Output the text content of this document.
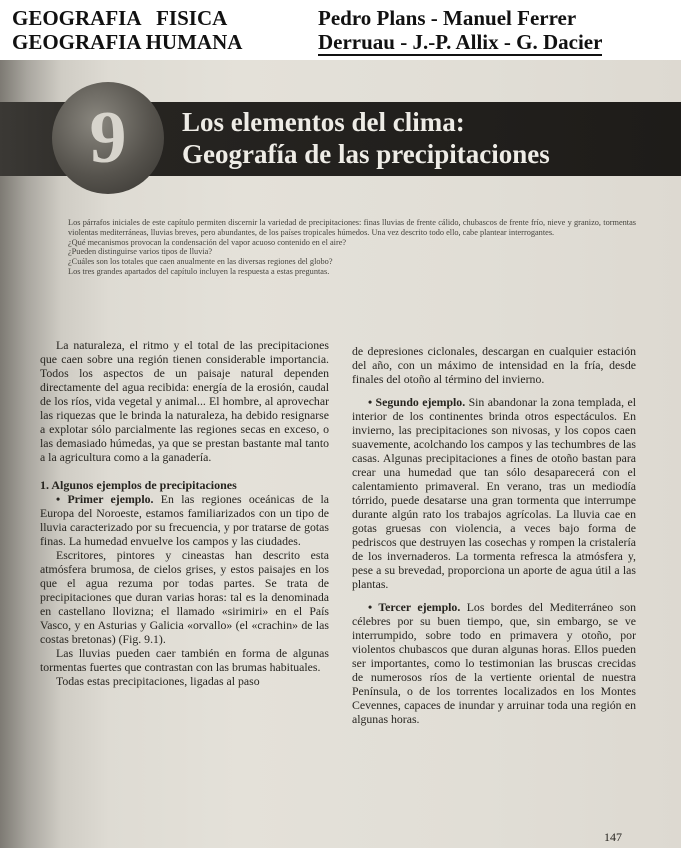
GEOGRAFIA   FISICA
GEOGRAFIA HUMANA
Pedro Plans - Manuel Ferrer
Derruau - J.-P. Allix - G. Dacier
9	Los elementos del clima:
Geografía de las precipitaciones

Los párrafos iniciales de este capítulo permiten discernir la variedad de precipitaciones: finas lluvias de frente cálido, chubascos de frente frío, nieve y granizo, tormentas violentas mediterráneas, lluvias breves, pero abundantes, de los países tropicales húmedos. Una vez descrito todo ello, cabe plantear interrogantes.

¿Qué mecanismos provocan la condensación del vapor acuoso contenido en el aire?

¿Pueden distinguirse varios tipos de lluvia?

¿Cuáles son los totales que caen anualmente en las diversas regiones del globo?

Los tres grandes apartados del capítulo incluyen la respuesta a estas preguntas.

La naturaleza, el ritmo y el total de las precipitaciones que caen sobre una región tienen considerable importancia. Todos los aspectos de un paisaje natural dependen directamente del agua recibida: energía de la erosión, caudal de los ríos, vida vegetal y animal... El hombre, al aprovechar las riquezas que le brinda la naturaleza, ha debido resignarse a explotar sólo parcialmente las regiones secas en exceso, o las demasiado húmedas, ya que se prestan bastante mal tanto a la agricultura como a la ganadería.

1. Algunos ejemplos de precipitaciones

• Primer ejemplo. En las regiones oceánicas de la Europa del Noroeste, estamos familiarizados con un tipo de lluvia caracterizado por su frecuencia, y por tratarse de gotas finas. La humedad envuelve los campos y las ciudades.

Escritores, pintores y cineastas han descrito esta atmósfera brumosa, de cielos grises, y estos paisajes en los que el agua rezuma por todas partes. Se trata de precipitaciones que duran varias horas: tal es la denominada en castellano llovizna; el llamado «sirimiri» en el País Vasco, y en Asturias y Galicia «orvallo» (el «crachin» de las costas bretonas) (Fig. 9.1).

Las lluvias pueden caer también en forma de algunas tormentas fuertes que contrastan con las brumas habituales.

Todas estas precipitaciones, ligadas al paso

de depresiones ciclonales, descargan en cualquier estación del año, con un máximo de intensidad en la fría, desde finales del otoño al término del invierno.

• Segundo ejemplo. Sin abandonar la zona templada, el interior de los continentes brinda otros espectáculos. En invierno, las precipitaciones son nivosas, y los copos caen suavemente, acolchando los campos y las techumbres de las casas. Algunas precipitaciones a fines de otoño bastan para crear una humedad que tan sólo desaparecerá con el calentamiento primaveral. En verano, tras un mediodía tórrido, puede desatarse una gran tormenta que interrumpe durante algún rato los trabajos agrícolas. La lluvia cae en gotas gruesas con violencia, a veces bajo forma de pedriscos que destruyen las cosechas y rompen la cristalería de los invernaderos. La tormenta refresca la atmósfera y, pese a su brevedad, proporciona un aporte de agua útil a las plantas.

• Tercer ejemplo. Los bordes del Mediterráneo son célebres por su buen tiempo, que, sin embargo, se ve interrumpido, sobre todo en primavera y otoño, por violentos chubascos que duran algunas horas. Ellos pueden ser importantes, como lo testimonian las bruscas crecidas de numerosos ríos de la vertiente oriental de nuestra Península, o de los torrentes localizados en los Montes Cevennes, capaces de inundar y arruinar toda una región en algunas horas.

147
